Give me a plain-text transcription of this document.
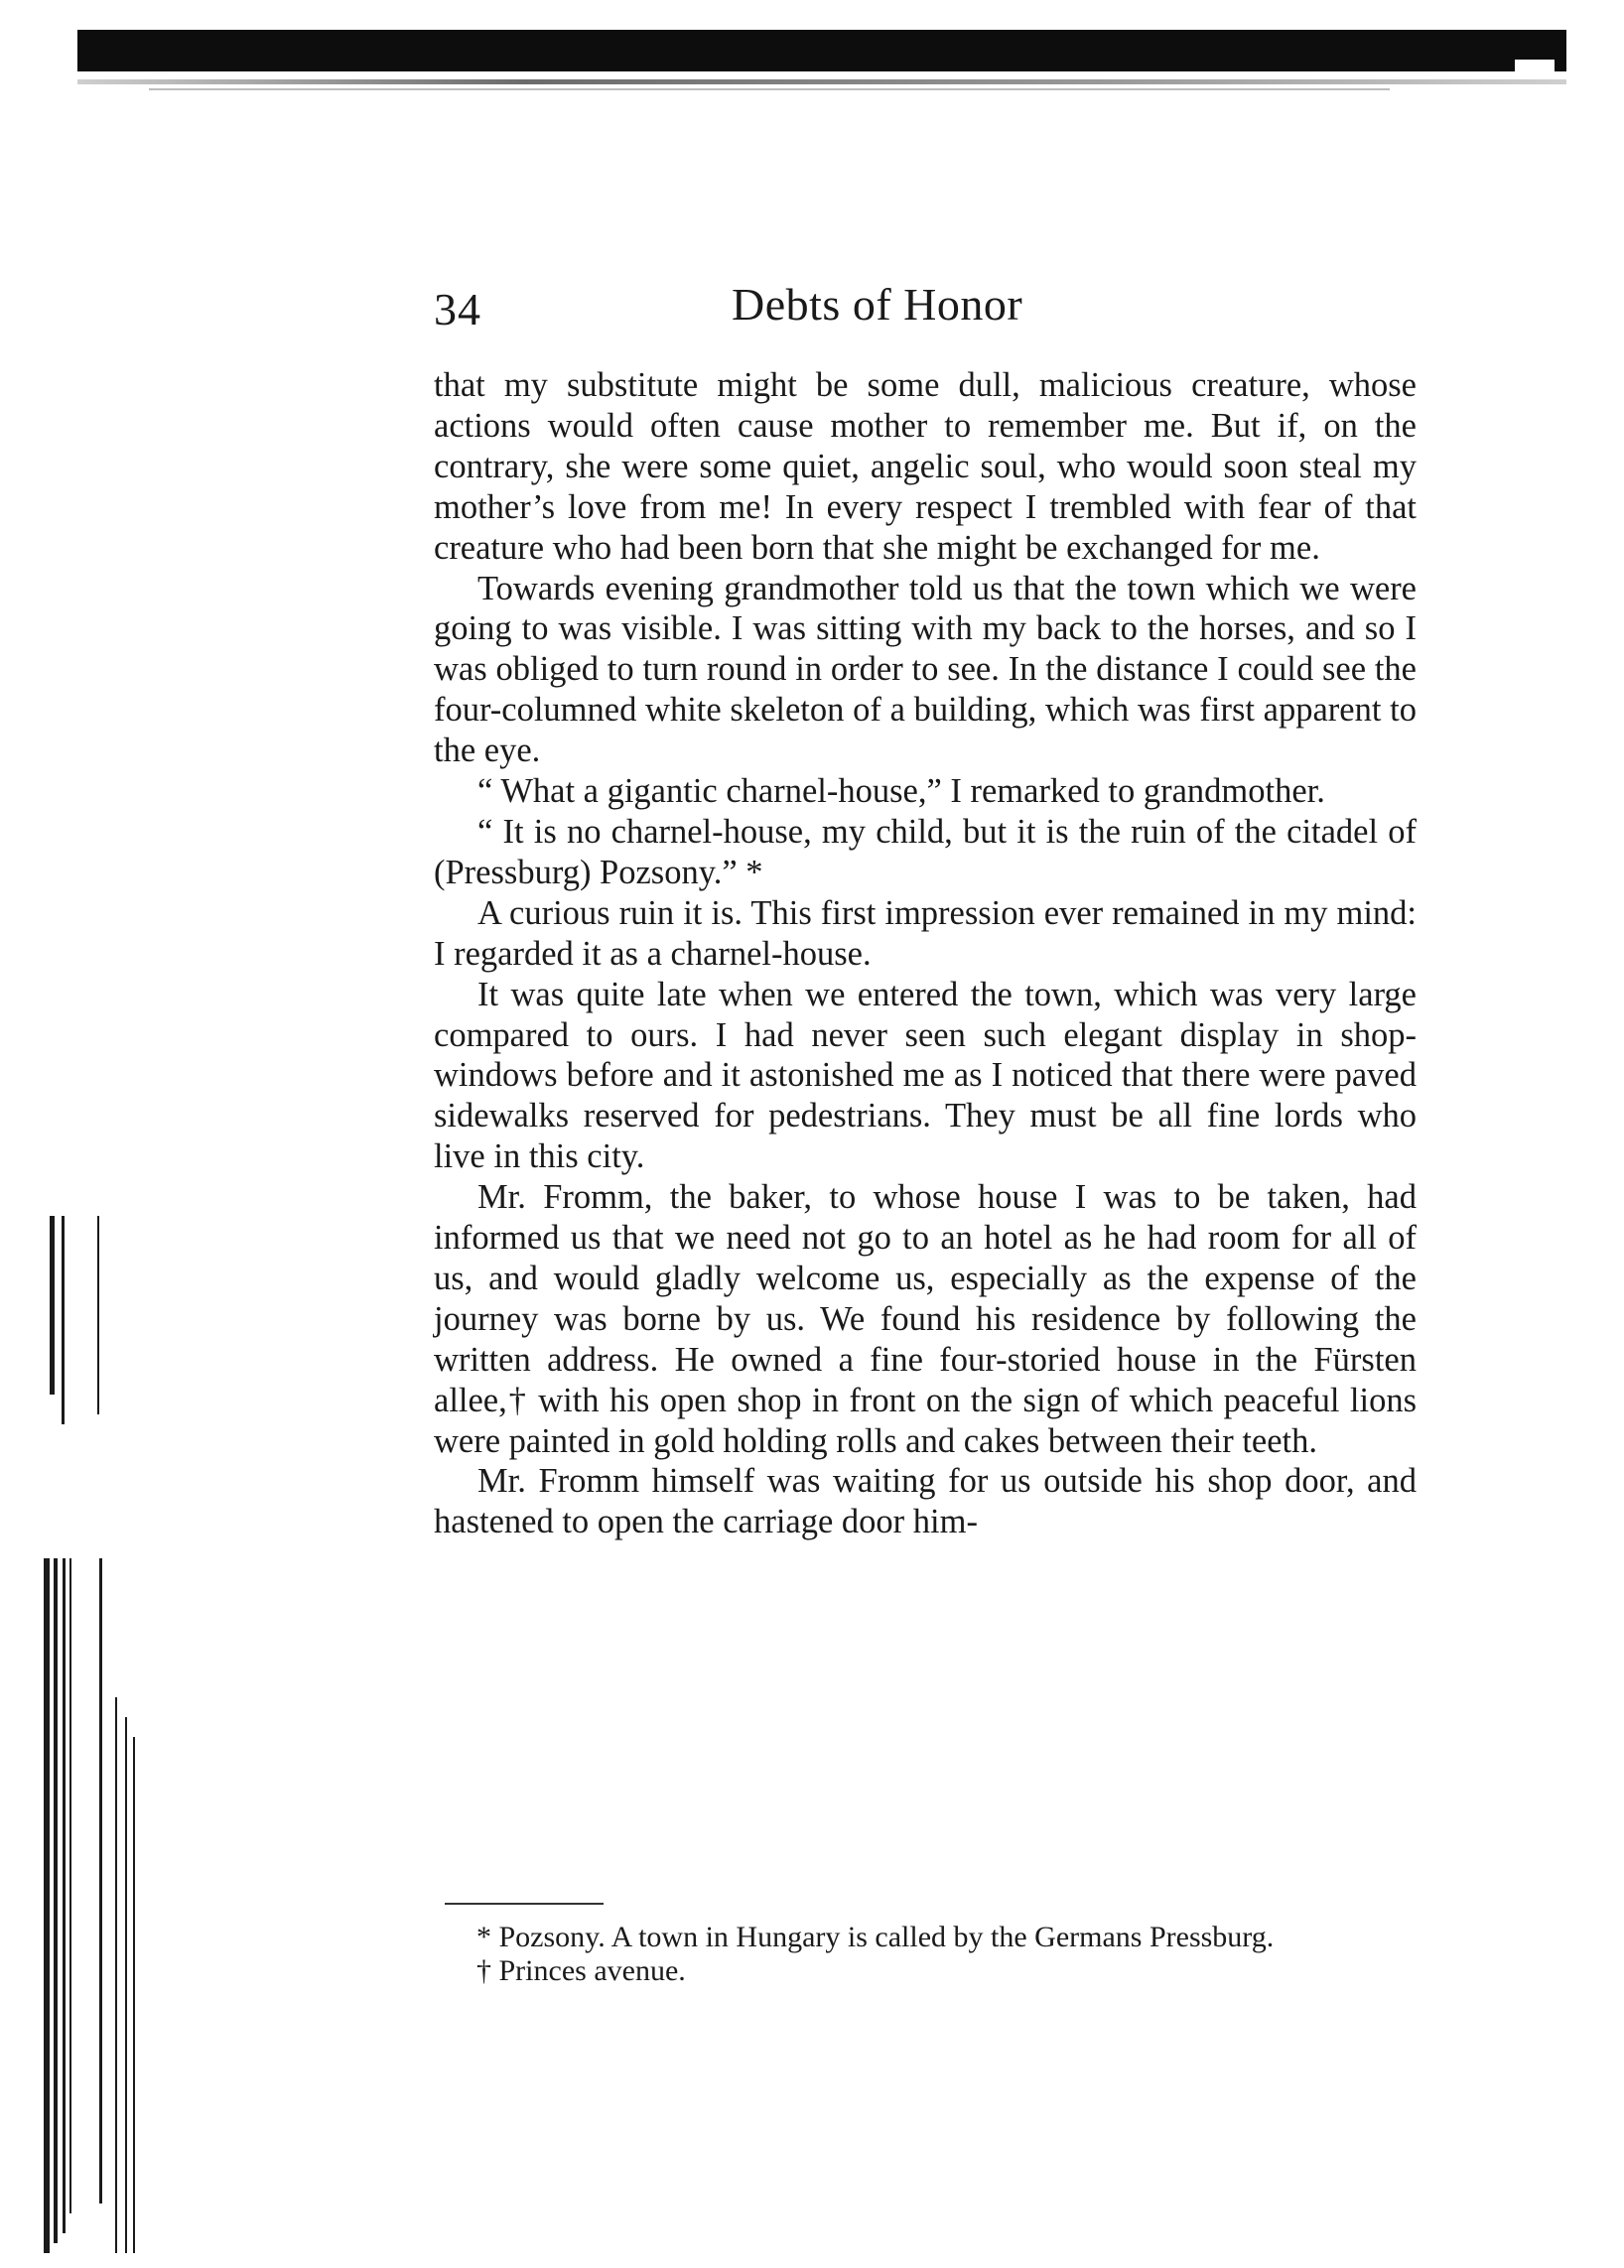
34	Debts of Honor

that my substitute might be some dull, malicious creature, whose actions would often cause mother to remember me. But if, on the contrary, she were some quiet, angelic soul, who would soon steal my mother’s love from me! In every respect I trembled with fear of that creature who had been born that she might be exchanged for me.

Towards evening grandmother told us that the town which we were going to was visible. I was sitting with my back to the horses, and so I was obliged to turn round in order to see. In the distance I could see the four-columned white skeleton of a building, which was first apparent to the eye.

“ What a gigantic charnel-house,” I remarked to grandmother.

“ It is no charnel-house, my child, but it is the ruin of the citadel of (Pressburg) Pozsony.” *

A curious ruin it is. This first impression ever remained in my mind: I regarded it as a charnel-house.

It was quite late when we entered the town, which was very large compared to ours. I had never seen such elegant display in shop-windows before and it astonished me as I noticed that there were paved sidewalks reserved for pedestrians. They must be all fine lords who live in this city.

Mr. Fromm, the baker, to whose house I was to be taken, had informed us that we need not go to an hotel as he had room for all of us, and would gladly welcome us, especially as the expense of the journey was borne by us. We found his residence by following the written address. He owned a fine four-storied house in the Fürsten allee,† with his open shop in front on the sign of which peaceful lions were painted in gold holding rolls and cakes between their teeth.

Mr. Fromm himself was waiting for us outside his shop door, and hastened to open the carriage door him-

* Pozsony. A town in Hungary is called by the Germans Pressburg.

† Princes avenue.
